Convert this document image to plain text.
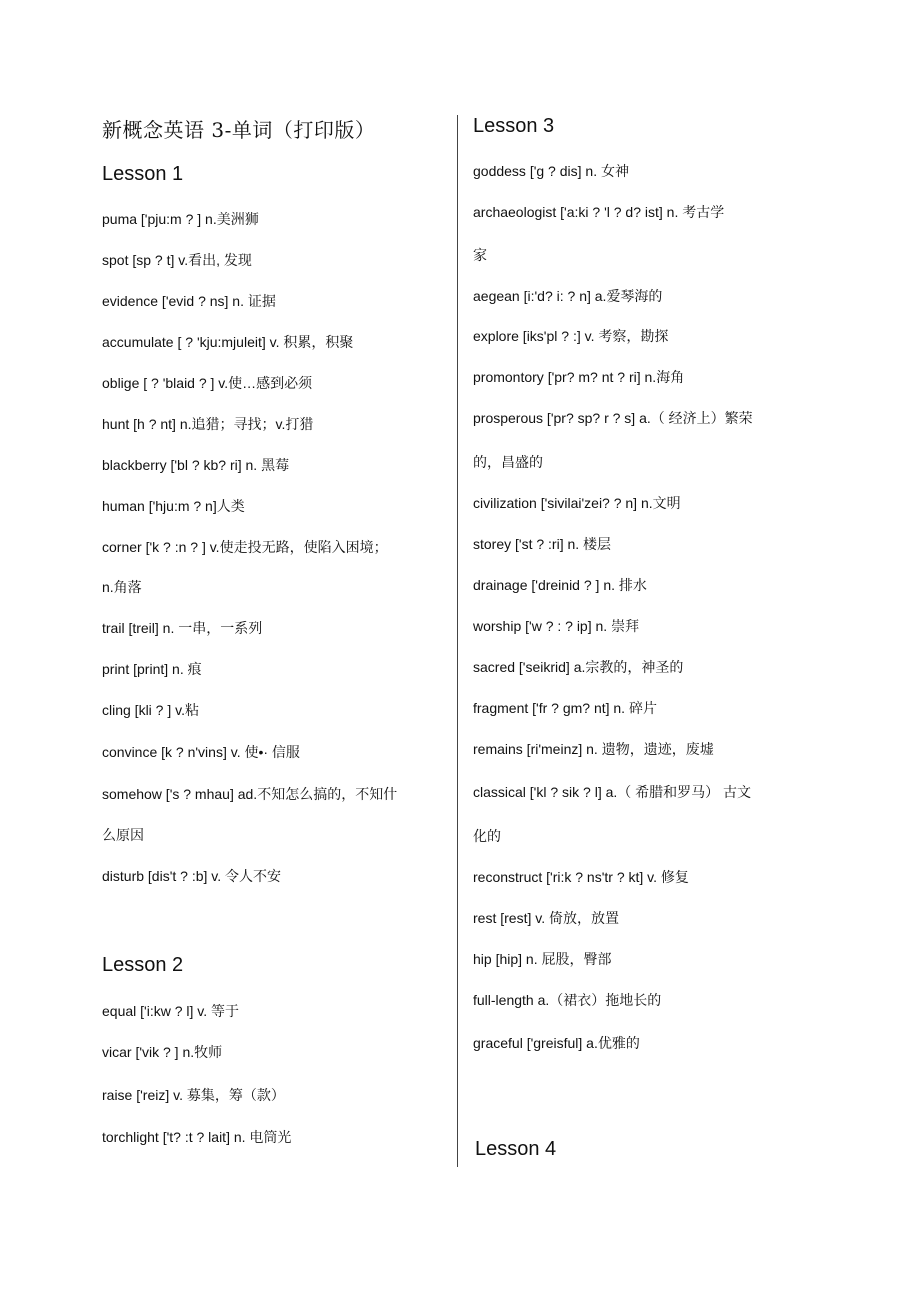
新概念英语 3-单词（打印版）
Lesson 1
puma ['pju:m ? ] n.美洲狮
spot [sp ? t] v.看出, 发现
evidence ['evid ? ns] n. 证据
accumulate [ ? 'kju:mjuleit] v. 积累，积聚
oblige [ ? 'blaid ? ] v.使…感到必须
hunt [h ? nt] n.追猎；寻找；v.打猎
blackberry ['bl ? kb? ri] n. 黑莓
human ['hju:m ? n]人类
corner ['k ? :n ? ] v.使走投无路，使陷入困境；
n.角落
trail [treil] n. 一串，一系列
print [print] n. 痕
cling [kli ? ] v.粘
convince [k ? n'vins] v. 使•· 信服
somehow ['s ? mhau] ad.不知怎么搞的，不知什
么原因
disturb [dis't ? :b] v. 令人不安
Lesson 2
equal ['i:kw ? l] v. 等于
vicar ['vik ? ] n.牧师
raise ['reiz] v. 募集，筹（款）
torchlight ['t? :t ? lait] n. 电筒光
Lesson 3
goddess ['g ? dis] n. 女神
archaeologist ['a:ki ? 'l ? d? ist] n. 考古学
家
aegean [i:'d? i: ? n] a.爱琴海的
explore [iks'pl ? :] v. 考察，勘探
promontory ['pr? m? nt ? ri] n.海角
prosperous ['pr? sp? r ? s] a.（ 经济上）繁荣
的，昌盛的
civilization ['sivilai'zei? ? n] n.文明
storey ['st ? :ri] n. 楼层
drainage ['dreinid ? ] n. 排水
worship ['w ? : ? ip] n. 崇拜
sacred ['seikrid] a.宗教的，神圣的
fragment ['fr ? gm? nt] n. 碎片
remains [ri'meinz] n. 遗物，遗迹，废墟
classical ['kl ? sik ? l] a.（ 希腊和罗马） 古文
化的
reconstruct ['ri:k ? ns'tr ? kt] v. 修复
rest [rest] v. 倚放，放置
hip [hip] n. 屁股，臀部
full-length a.（裙衣）拖地长的
graceful ['greisful] a.优雅的
Lesson 4
